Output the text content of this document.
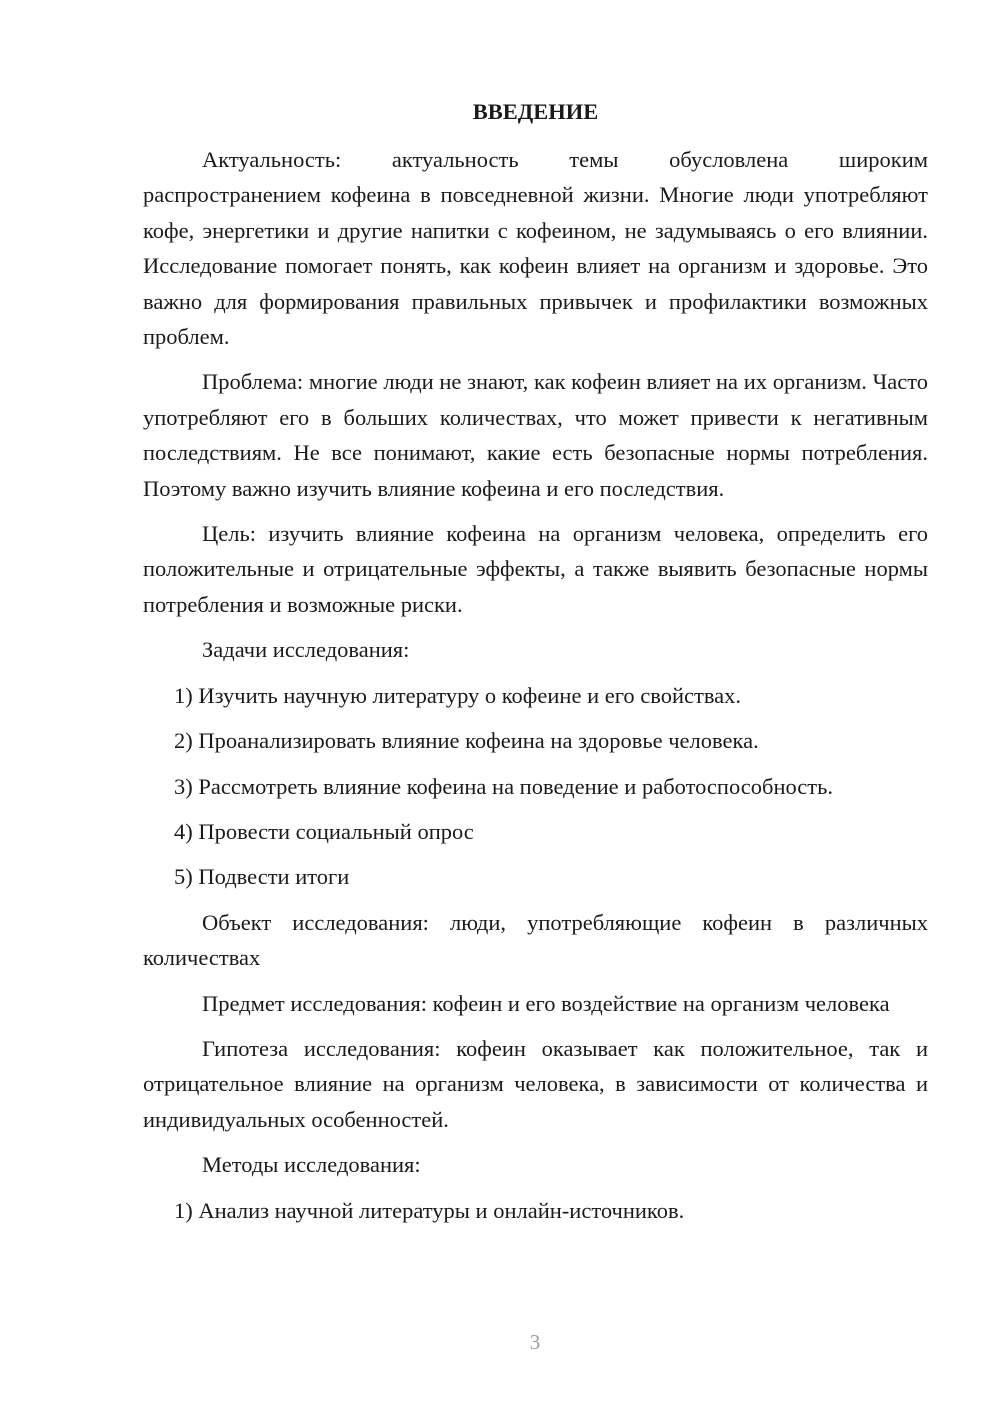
ВВЕДЕНИЕ

Актуальность: актуальность темы обусловлена широким распространением кофеина в повседневной жизни. Многие люди употребляют кофе, энергетики и другие напитки с кофеином, не задумываясь о его влиянии. Исследование помогает понять, как кофеин влияет на организм и здоровье. Это важно для формирования правильных привычек и профилактики возможных проблем.

Проблема: многие люди не знают, как кофеин влияет на их организм. Часто употребляют его в больших количествах, что может привести к негативным последствиям. Не все понимают, какие есть безопасные нормы потребления. Поэтому важно изучить влияние кофеина и его последствия.

Цель: изучить влияние кофеина на организм человека, определить его положительные и отрицательные эффекты, а также выявить безопасные нормы потребления и возможные риски.

Задачи исследования:

1) Изучить научную литературу о кофеине и его свойствах.

2) Проанализировать влияние кофеина на здоровье человека.

3) Рассмотреть влияние кофеина на поведение и работоспособность.

4) Провести социальный опрос

5) Подвести итоги

Объект исследования: люди, употребляющие кофеин в различных количествах

Предмет исследования: кофеин и его воздействие на организм человека

Гипотеза исследования: кофеин оказывает как положительное, так и отрицательное влияние на организм человека, в зависимости от количества и индивидуальных особенностей.

Методы исследования:

1) Анализ научной литературы и онлайн-источников.

3
